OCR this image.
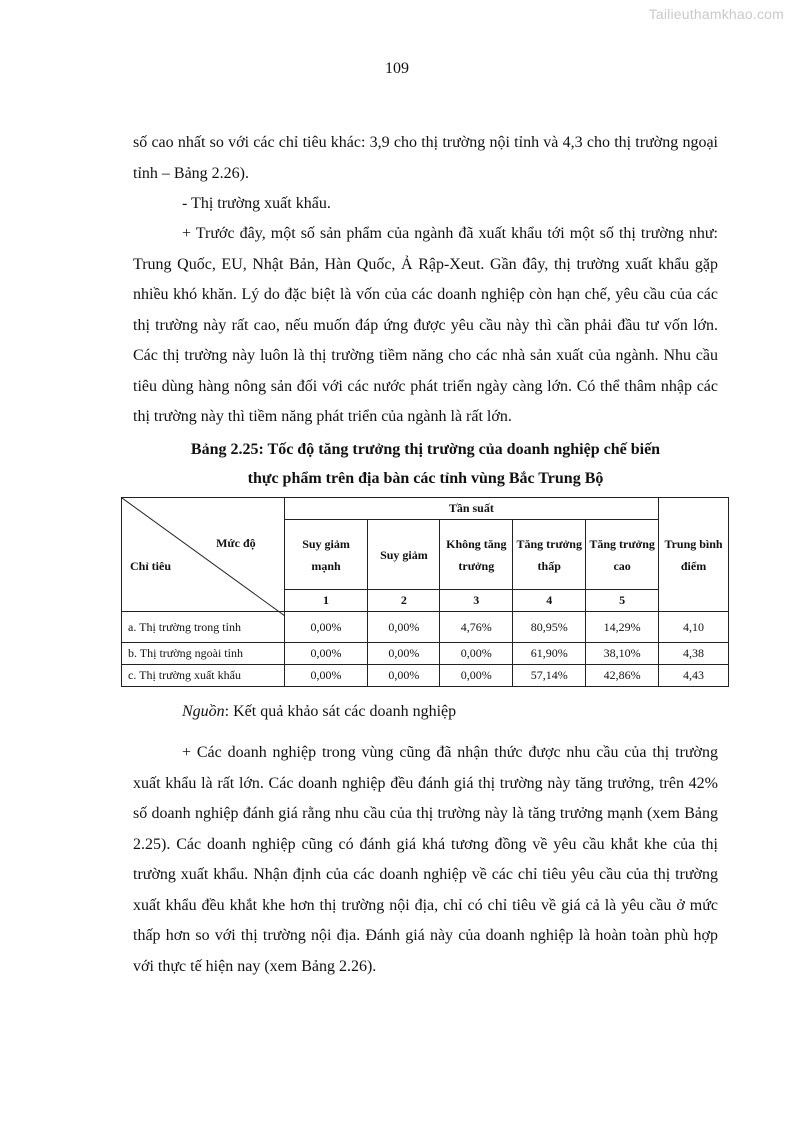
Tailieuthamkhao.com
109

số cao nhất so với các chỉ tiêu khác: 3,9 cho thị trường nội tỉnh và 4,3 cho thị trường ngoại tỉnh – Bảng 2.26).

- Thị trường xuất khẩu.

+ Trước đây, một số sản phẩm của ngành đã xuất khẩu tới một số thị trường như: Trung Quốc, EU, Nhật Bản, Hàn Quốc, Ả Rập-Xeut. Gần đây, thị trường xuất khẩu gặp nhiều khó khăn. Lý do đặc biệt là vốn của các doanh nghiệp còn hạn chế, yêu cầu của các thị trường này rất cao, nếu muốn đáp ứng được yêu cầu này thì cần phải đầu tư vốn lớn. Các thị trường này luôn là thị trường tiềm năng cho các nhà sản xuất của ngành. Nhu cầu tiêu dùng hàng nông sản đối với các nước phát triển ngày càng lớn. Có thể thâm nhập các thị trường này thì tiềm năng phát triển của ngành là rất lớn.

Bảng 2.25: Tốc độ tăng trưởng thị trường của doanh nghiệp chế biến
thực phẩm trên địa bàn các tỉnh vùng Bắc Trung Bộ
Mức độ
Chỉ tiêu	Tần suất					Trung bình điểm
	Suy giảm mạnh	Suy giảm	Không tăng trưởng	Tăng trưởng thấp	Tăng trưởng cao	
	1	2	3	4	5	
a. Thị trường trong tỉnh	0,00%	0,00%	4,76%	80,95%	14,29%	4,10
b. Thị trường ngoài tỉnh	0,00%	0,00%	0,00%	61,90%	38,10%	4,38
c. Thị trường xuất khẩu	0,00%	0,00%	0,00%	57,14%	42,86%	4,43
Nguồn: Kết quả khảo sát các doanh nghiệp

+ Các doanh nghiệp trong vùng cũng đã nhận thức được nhu cầu của thị trường xuất khẩu là rất lớn. Các doanh nghiệp đều đánh giá thị trường này tăng trưởng, trên 42% số doanh nghiệp đánh giá rằng nhu cầu của thị trường này là tăng trưởng mạnh (xem Bảng 2.25). Các doanh nghiệp cũng có đánh giá khá tương đồng về yêu cầu khắt khe của thị trường xuất khẩu. Nhận định của các doanh nghiệp về các chỉ tiêu yêu cầu của thị trường xuất khẩu đều khắt khe hơn thị trường nội địa, chỉ có chỉ tiêu về giá cả là yêu cầu ở mức thấp hơn so với thị trường nội địa. Đánh giá này của doanh nghiệp là hoàn toàn phù hợp với thực tế hiện nay (xem Bảng 2.26).
